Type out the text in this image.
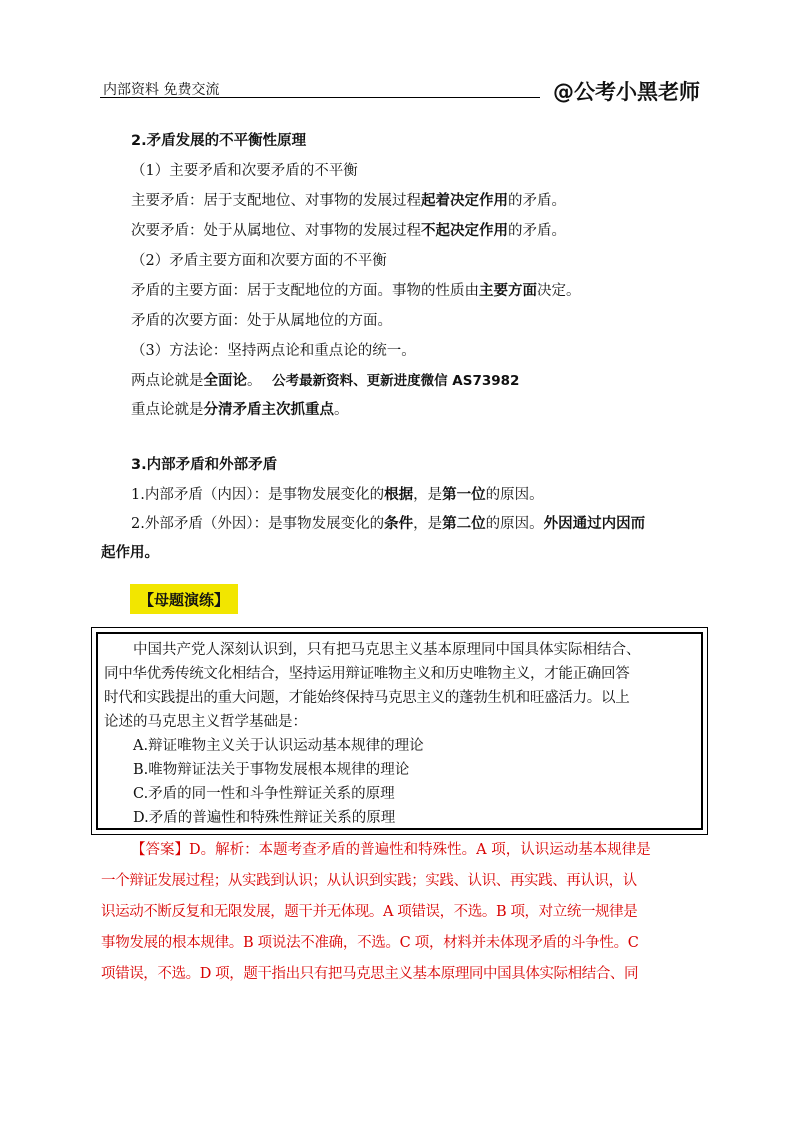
内部资料 免费交流	@公考小黑老师
2.矛盾发展的不平衡性原理
（1）主要矛盾和次要矛盾的不平衡
主要矛盾：居于支配地位、对事物的发展过程起着决定作用的矛盾。
次要矛盾：处于从属地位、对事物的发展过程不起决定作用的矛盾。
（2）矛盾主要方面和次要方面的不平衡
矛盾的主要方面：居于支配地位的方面。事物的性质由主要方面决定。
矛盾的次要方面：处于从属地位的方面。
（3）方法论：坚持两点论和重点论的统一。
两点论就是全面论。 公考最新资料、更新进度微信 AS73982
重点论就是分清矛盾主次抓重点。
3.内部矛盾和外部矛盾
1.内部矛盾（内因）：是事物发展变化的根据，是第一位的原因。
2.外部矛盾（外因）：是事物发展变化的条件，是第二位的原因。外因通过内因而
起作用。
【母题演练】
中国共产党人深刻认识到，只有把马克思主义基本原理同中国具体实际相结合、
同中华优秀传统文化相结合，坚持运用辩证唯物主义和历史唯物主义，才能正确回答
时代和实践提出的重大问题，才能始终保持马克思主义的蓬勃生机和旺盛活力。以上
论述的马克思主义哲学基础是：
A.辩证唯物主义关于认识运动基本规律的理论
B.唯物辩证法关于事物发展根本规律的理论
C.矛盾的同一性和斗争性辩证关系的原理
D.矛盾的普遍性和特殊性辩证关系的原理
【答案】D。解析：本题考查矛盾的普遍性和特殊性。A 项，认识运动基本规律是
一个辩证发展过程；从实践到认识；从认识到实践；实践、认识、再实践、再认识，认
识运动不断反复和无限发展，题干并无体现。A 项错误，不选。B 项，对立统一规律是
事物发展的根本规律。B 项说法不准确，不选。C 项，材料并未体现矛盾的斗争性。C
项错误，不选。D 项，题干指出只有把马克思主义基本原理同中国具体实际相结合、同
